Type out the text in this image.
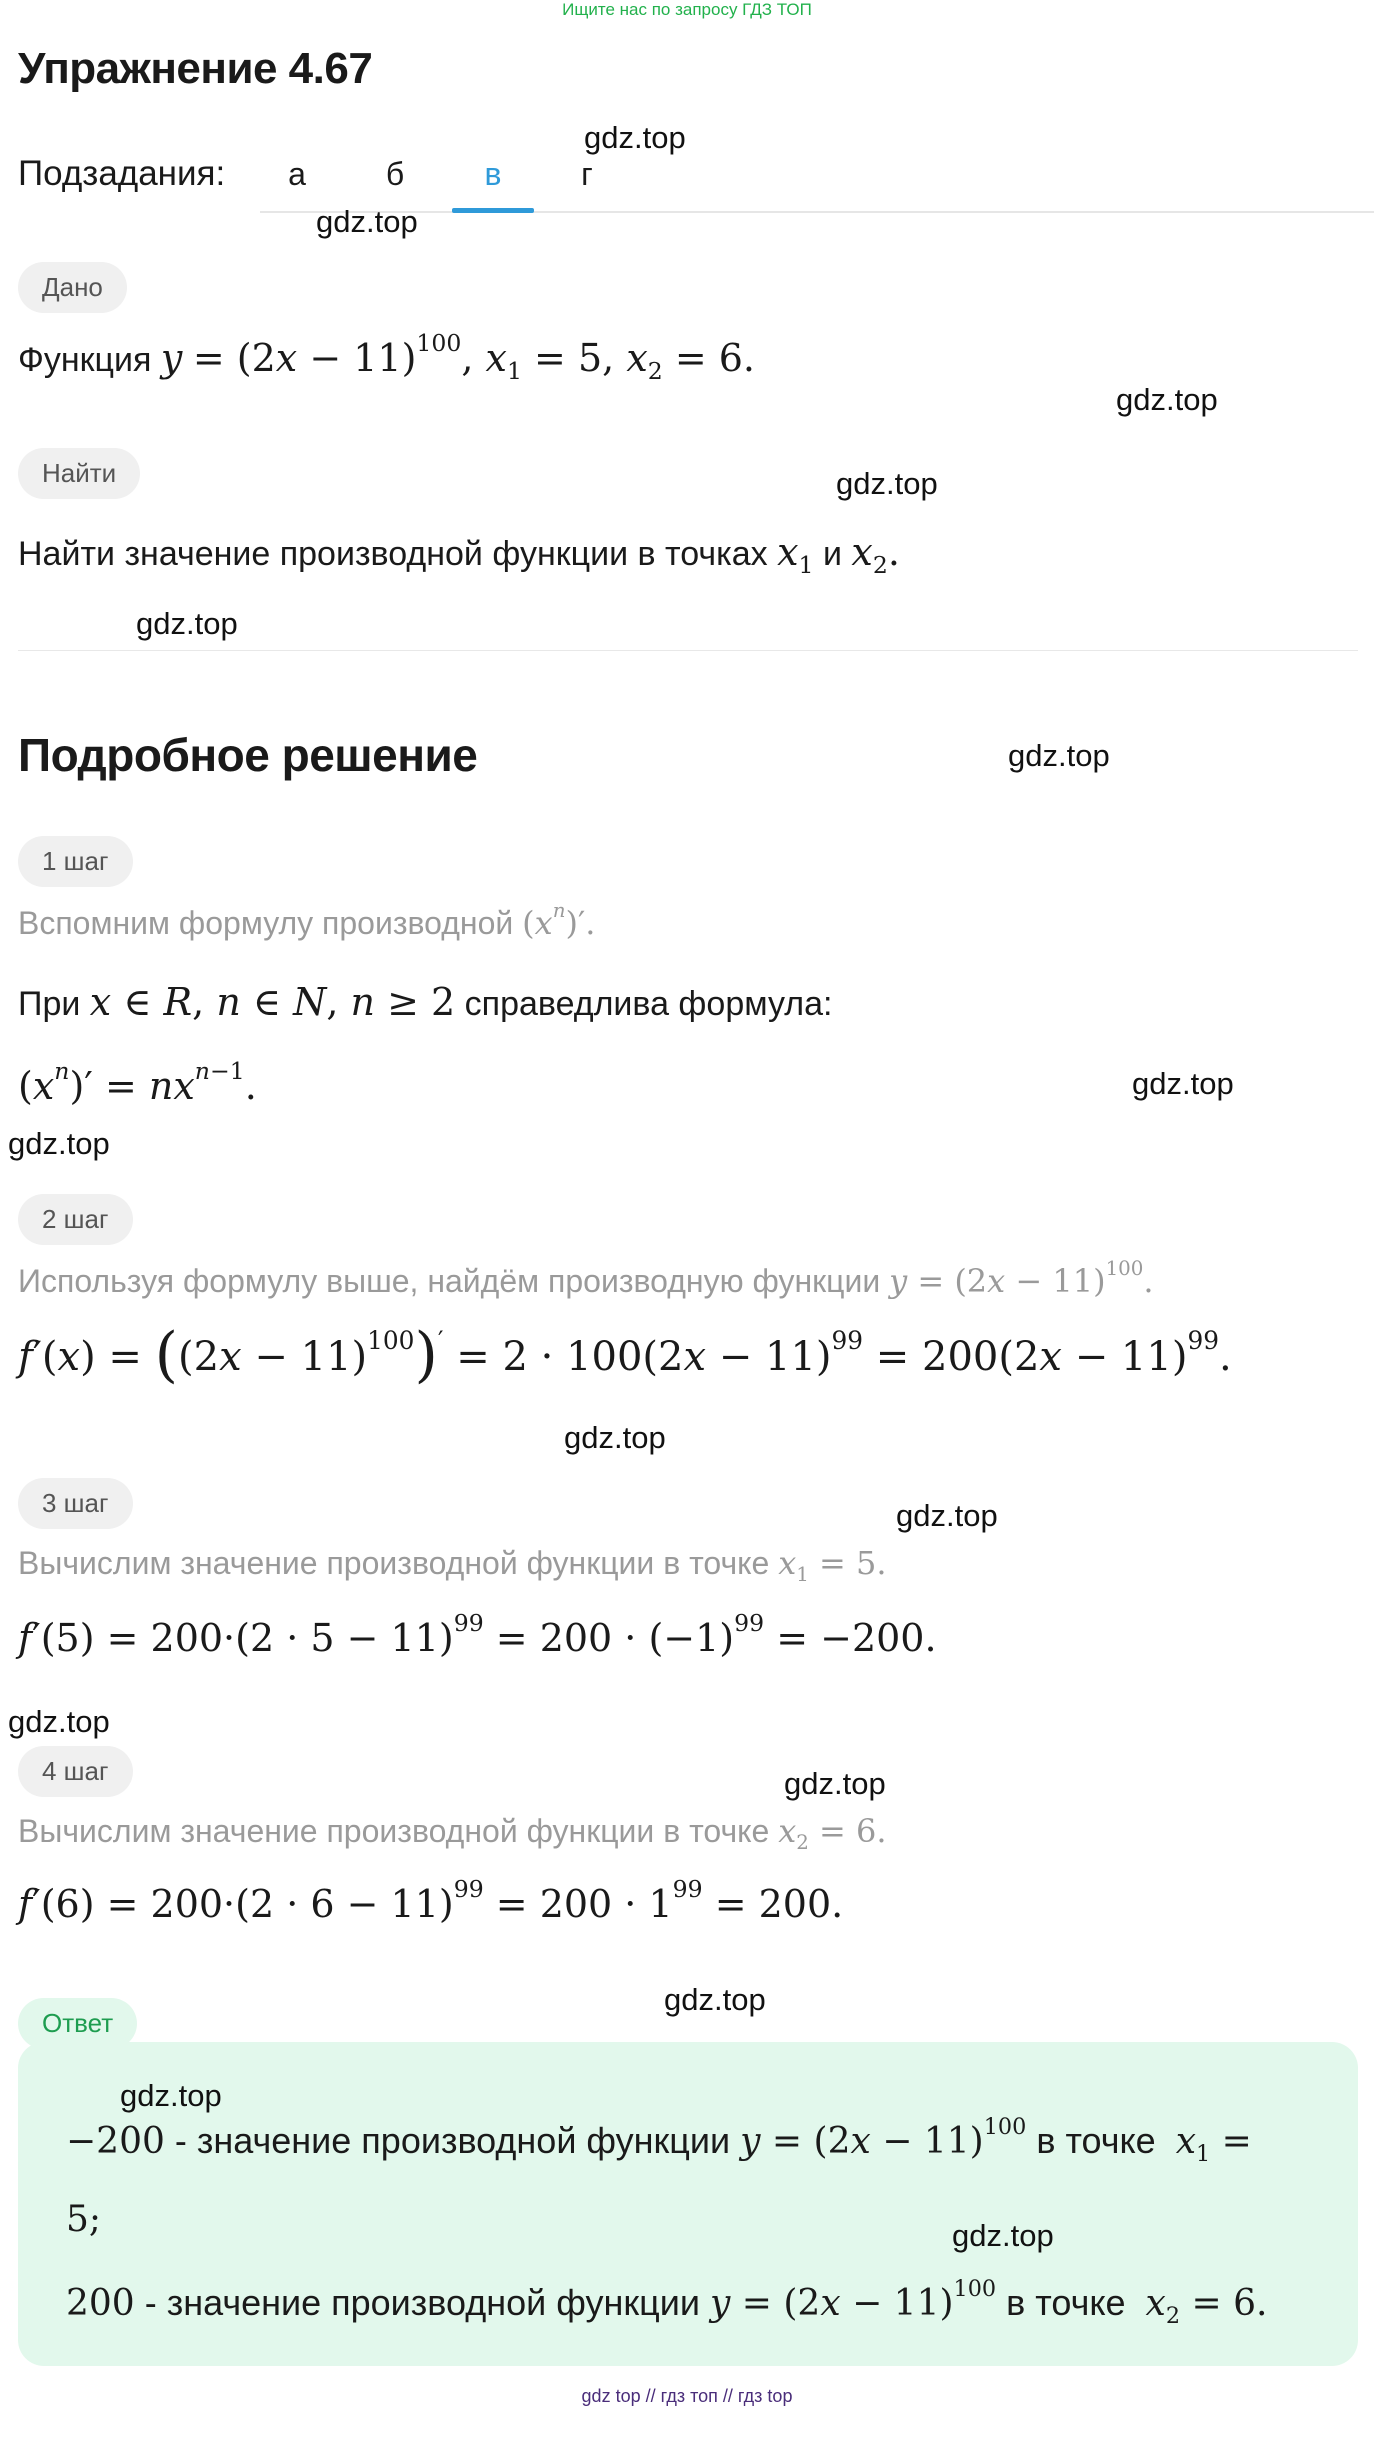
Ищите нас по запросу ГДЗ ТОП
Упражнение 4.67
Подзадания:	а	б	в	г
Дано
Функция $y = (2x - 11)^{100}$, $x_1 = 5$, $x_2 = 6$.
Найти
Найти значение производной функции в точках $x_1$ и $x_2$.
Подробное решение
1 шаг
Вспомним формулу производной $(x^n)'$.
При x ∈ R, n ∈ N, n ≥ 2 справедлива формула:
$(x^n)' = nx^{n-1}$.
2 шаг
Используя формулу выше, найдём производную функции $y = (2x - 11)^{100}$.
$f'(x) = ((2x - 11)^{100})' = 2 \cdot 100(2x - 11)^{99} = 200(2x - 11)^{99}$.
3 шаг
Вычислим значение производной функции в точке $x_1 = 5$.
$f'(5) = 200\cdot(2 \cdot 5 - 11)^{99} = 200 \cdot (-1)^{99} = -200$.
4 шаг
Вычислим значение производной функции в точке $x_2 = 6$.
$f'(6) = 200\cdot(2 \cdot 6 - 11)^{99} = 200 \cdot 1^{99} = 200$.
Ответ
−200 - значение производной функции $y = (2x - 11)^{100}$ в точке $x_1$ =
5;
200 - значение производной функции $y = (2x - 11)^{100}$ в точке $x_2 = 6$.
gdz.top
gdz.top
gdz.top
gdz.top
gdz.top
gdz.top
gdz.top
gdz.top
gdz.top
gdz.top
gdz.top
gdz.top
gdz.top
gdz.top
gdz.top
gdz top // гдз топ // гдз top
